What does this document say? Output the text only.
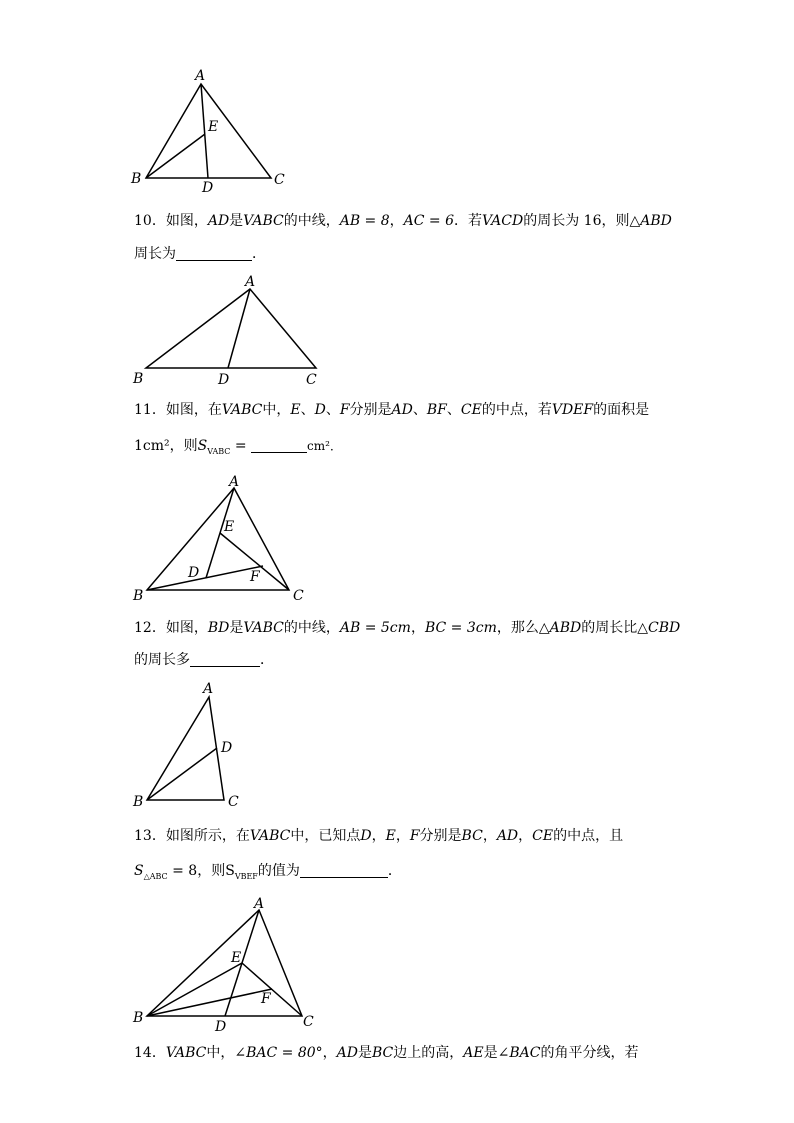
A
B	C
D
E
A
B	C
D
A
B	C
D
E
F
A
B	C
D
A
B	C
D
E
F
10．如图，AD是VABC的中线，AB = 8，AC = 6．若VACD的周长为 16，则△ABD
周长为	．
11．如图，在VABC中，E、D、F分别是AD、BF、CE的中点，若VDEF的面积是
1cm²，则$S_{VABC}$ =	cm²．
12．如图，BD是VABC的中线，AB = 5cm，BC = 3cm，那么△ABD的周长比△CBD
的周长多	．
13．如图所示，在VABC中，已知点D，E，F分别是BC，AD，CE的中点，且
$S_{\triangle ABC} = 8$，则$S_{VBEF}$的值为	．
14．VABC中，∠BAC = 80°，AD是BC边上的高，AE是∠BAC的角平分线，若
